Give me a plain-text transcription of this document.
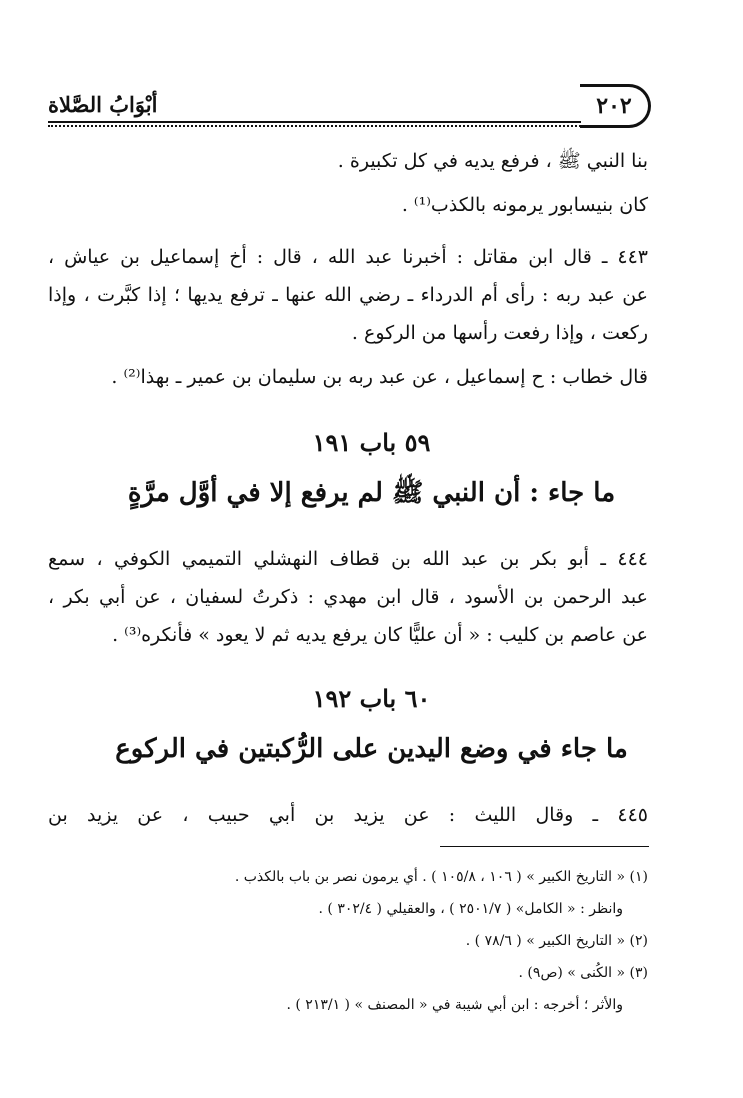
٢٠٢
أبْوَابُ الصَّلاة
بنا النبي ﷺ ، فرفع يديه في كل تكبيرة .
كان بنيسابور يرمونه بالكذب⁽¹⁾ .
٤٤٣ ـ قال ابن مقاتل : أخبرنا عبد الله ، قال : أخ إسماعيل بن عياش ،
عن عبد ربه : رأى أم الدرداء ـ رضي الله عنها ـ ترفع يديها ؛ إذا كبَّرت ، وإذا
ركعت ، وإذا رفعت رأسها من الركوع .
قال خطاب : ح إسماعيل ، عن عبد ربه بن سليمان بن عمير ـ بهذا⁽²⁾ .
٥٩ باب ١٩١
ما جاء : أن النبي ﷺ لم يرفع إلا في أوَّل مرَّةٍ
٤٤٤ ـ أبو بكر بن عبد الله بن قطاف النهشلي التميمي الكوفي ، سمع
عبد الرحمن بن الأسود ، قال ابن مهدي : ذكرتُ لسفيان ، عن أبي بكر ،
عن عاصم بن كليب : « أن عليًّا كان يرفع يديه ثم لا يعود » فأنكره⁽³⁾ .
٦٠ باب ١٩٢
ما جاء في وضع اليدين على الرُّكبتين في الركوع
٤٤٥ ـ وقال الليث : عن يزيد بن أبي حبيب ، عن يزيد بن
(١) « التاريخ الكبير » ( ١٠٦ ، ١٠٥/٨ ) . أي يرمون نصر بن باب بالكذب .
وانظر : « الكامل» ( ٢٥٠١/٧ ) ، والعقيلي ( ٣٠٢/٤ ) .
(٢) « التاريخ الكبير » ( ٧٨/٦ ) .
(٣) « الكُنى » (ص٩) .
والأثر ؛ أخرجه : ابن أبي شيبة في « المصنف » ( ٢١٣/١ ) .
